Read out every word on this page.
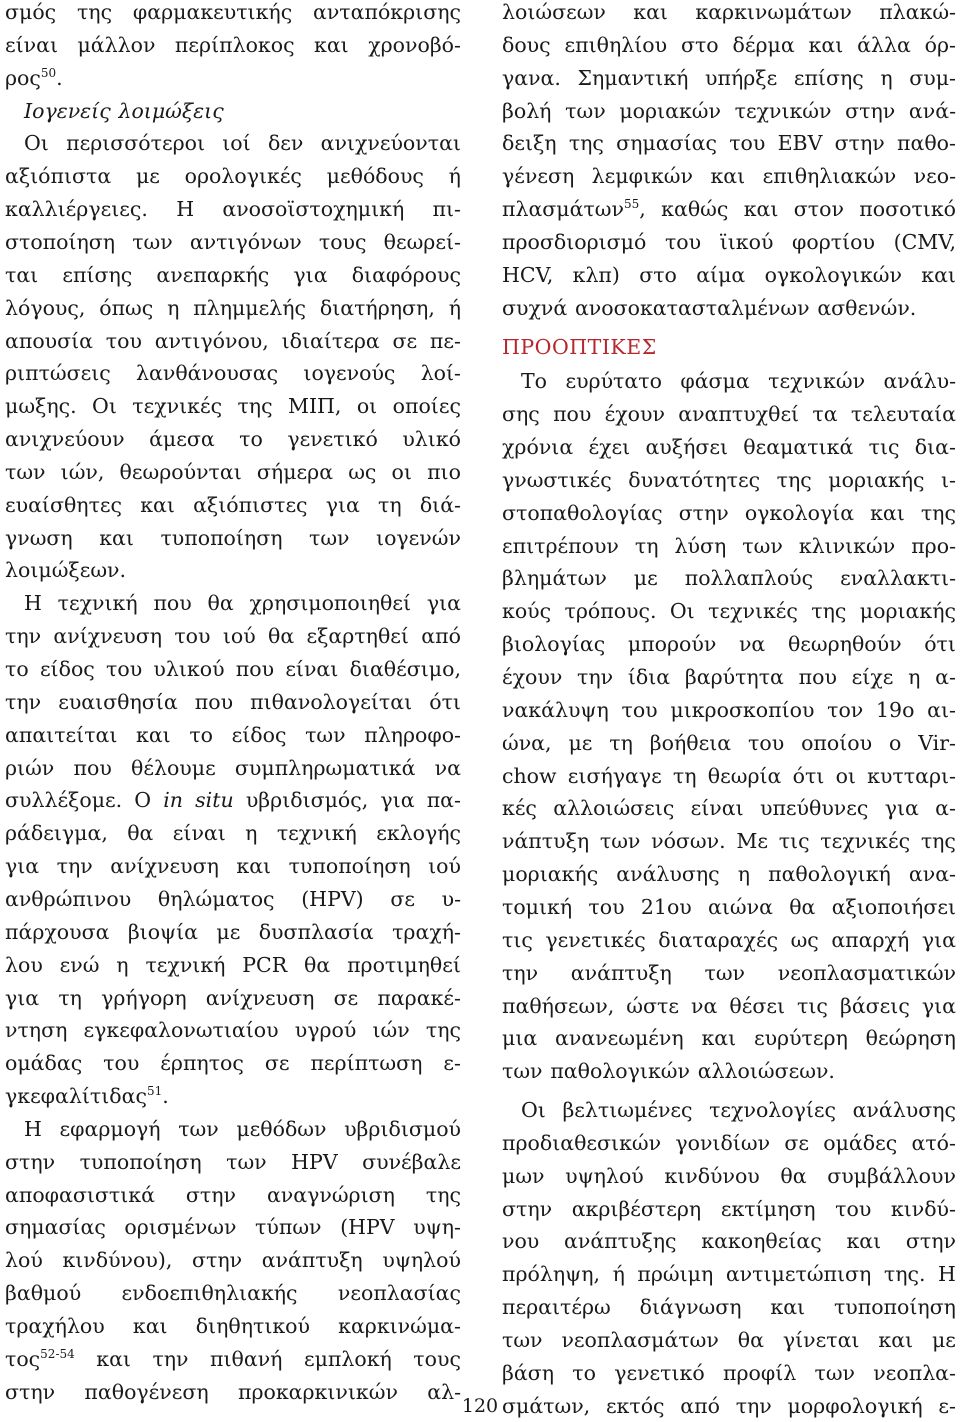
σμός της φαρμακευτικής ανταπόκρισης
είναι μάλλον περίπλοκος και χρονοβό-
ρος$^{50}$.
Ιογενείς λοιμώξεις
Οι περισσότεροι ιοί δεν ανιχνεύονται
αξιόπιστα με ορολογικές μεθόδους ή
καλλιέργειες. Η ανοσοϊστοχημική πι-
στοποίηση των αντιγόνων τους θεωρεί-
ται επίσης ανεπαρκής για διαφόρους
λόγους, όπως η πλημμελής διατήρηση, ή
απουσία του αντιγόνου, ιδιαίτερα σε πε-
ριπτώσεις λανθάνουσας ιογενούς λοί-
μωξης. Οι τεχνικές της ΜΙΠ, οι οποίες
ανιχνεύουν άμεσα το γενετικό υλικό
των ιών, θεωρούνται σήμερα ως οι πιο
ευαίσθητες και αξιόπιστες για τη διά-
γνωση και τυποποίηση των ιογενών
λοιμώξεων.
Η τεχνική που θα χρησιμοποιηθεί για
την ανίχνευση του ιού θα εξαρτηθεί από
το είδος του υλικού που είναι διαθέσιμο,
την ευαισθησία που πιθανολογείται ότι
απαιτείται και το είδος των πληροφο-
ριών που θέλουμε συμπληρωματικά να
συλλέξομε. Ο in situ υβριδισμός, για πα-
ράδειγμα, θα είναι η τεχνική εκλογής
για την ανίχνευση και τυποποίηση ιού
ανθρώπινου θηλώματος (HPV) σε υ-
πάρχουσα βιοψία με δυσπλασία τραχή-
λου ενώ η τεχνική PCR θα προτιμηθεί
για τη γρήγορη ανίχνευση σε παρακέ-
ντηση εγκεφαλονωτιαίου υγρού ιών της
ομάδας του έρπητος σε περίπτωση ε-
γκεφαλίτιδας$^{51}$.
Η εφαρμογή των μεθόδων υβριδισμού
στην τυποποίηση των HPV συνέβαλε
αποφασιστικά στην αναγνώριση της
σημασίας ορισμένων τύπων (HPV υψη-
λού κινδύνου), στην ανάπτυξη υψηλού
βαθμού ενδοεπιθηλιακής νεοπλασίας
τραχήλου και διηθητικού καρκινώμα-
τος$^{52-54}$ και την πιθανή εμπλοκή τους
στην παθογένεση προκαρκινικών αλ-
λοιώσεων και καρκινωμάτων πλακώ-
δους επιθηλίου στο δέρμα και άλλα όρ-
γανα. Σημαντική υπήρξε επίσης η συμ-
βολή των μοριακών τεχνικών στην ανά-
δειξη της σημασίας του EBV στην παθο-
γένεση λεμφικών και επιθηλιακών νεο-
πλασμάτων$^{55}$, καθώς και στον ποσοτικό
προσδιορισμό του ϊικού φορτίου (CMV,
HCV, κλπ) στο αίμα ογκολογικών και
συχνά ανοσοκατασταλμένων ασθενών.
ΠΡΟΟΠΤΙΚΕΣ
Το ευρύτατο φάσμα τεχνικών ανάλυ-
σης που έχουν αναπτυχθεί τα τελευταία
χρόνια έχει αυξήσει θεαματικά τις δια-
γνωστικές δυνατότητες της μοριακής ι-
στοπαθολογίας στην ογκολογία και της
επιτρέπουν τη λύση των κλινικών προ-
βλημάτων με πολλαπλούς εναλλακτι-
κούς τρόπους. Οι τεχνικές της μοριακής
βιολογίας μπορούν να θεωρηθούν ότι
έχουν την ίδια βαρύτητα που είχε η α-
νακάλυψη του μικροσκοπίου τον 19ο αι-
ώνα, με τη βοήθεια του οποίου ο Vir-
chow εισήγαγε τη θεωρία ότι οι κυτταρι-
κές αλλοιώσεις είναι υπεύθυνες για α-
νάπτυξη των νόσων. Με τις τεχνικές της
μοριακής ανάλυσης η παθολογική ανα-
τομική του 21ου αιώνα θα αξιοποιήσει
τις γενετικές διαταραχές ως απαρχή για
την ανάπτυξη των νεοπλασματικών
παθήσεων, ώστε να θέσει τις βάσεις για
μια ανανεωμένη και ευρύτερη θεώρηση
των παθολογικών αλλοιώσεων.
Οι βελτιωμένες τεχνολογίες ανάλυσης
προδιαθεσικών γονιδίων σε ομάδες ατό-
μων υψηλού κινδύνου θα συμβάλλουν
στην ακριβέστερη εκτίμηση του κινδύ-
νου ανάπτυξης κακοηθείας και στην
πρόληψη, ή πρώιμη αντιμετώπιση της. Η
περαιτέρω διάγνωση και τυποποίηση
των νεοπλασμάτων θα γίνεται και με
βάση το γενετικό προφίλ των νεοπλα-
σμάτων, εκτός από την μορφολογική ε-
120
